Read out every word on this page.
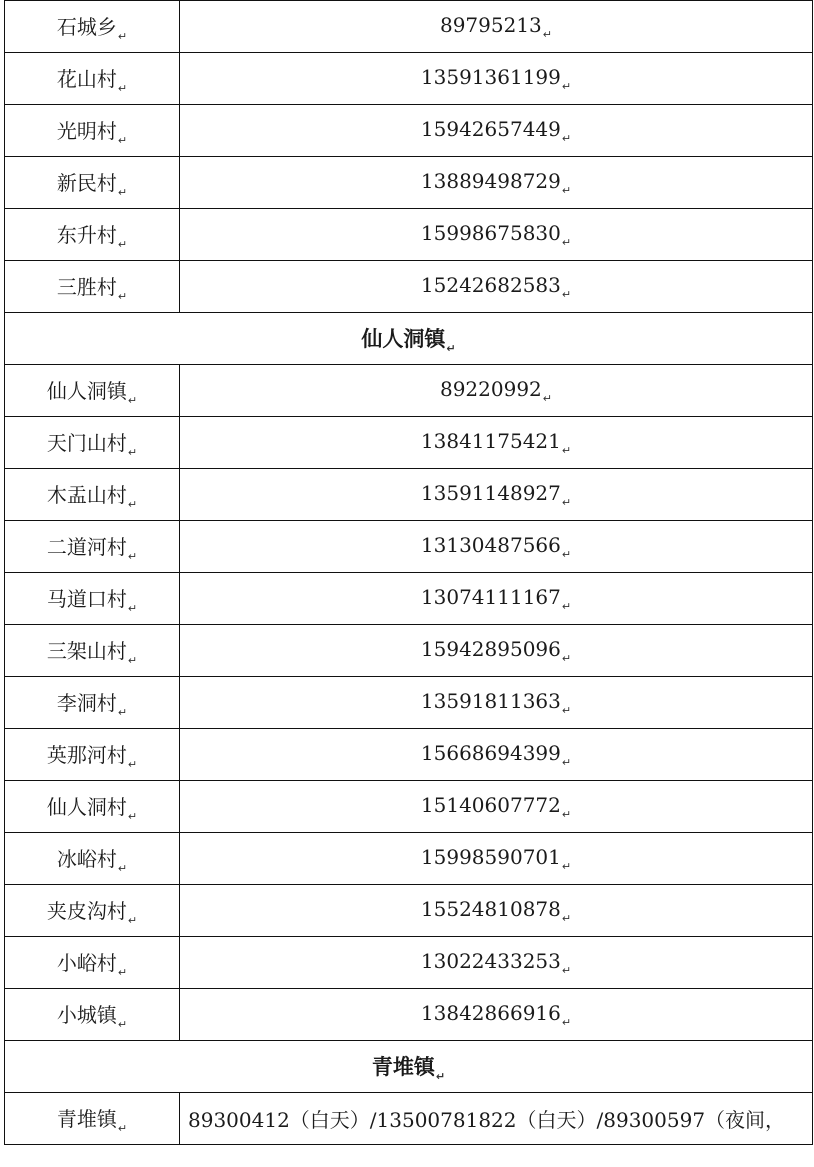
石城乡$_↵$	$89795213_↵$
花山村$_↵$	$13591361199_↵$
光明村$_↵$	$15942657449_↵$
新民村$_↵$	$13889498729_↵$
东升村$_↵$	$15998675830_↵$
三胜村$_↵$	$15242682583_↵$
仙人洞镇$_↵$
仙人洞镇$_↵$	$89220992_↵$
天门山村$_↵$	$13841175421_↵$
木盂山村$_↵$	$13591148927_↵$
二道河村$_↵$	$13130487566_↵$
马道口村$_↵$	$13074111167_↵$
三架山村$_↵$	$15942895096_↵$
李洞村$_↵$	$13591811363_↵$
英那河村$_↵$	$15668694399_↵$
仙人洞村$_↵$	$15140607772_↵$
冰峪村$_↵$	$15998590701_↵$
夹皮沟村$_↵$	$15524810878_↵$
小峪村$_↵$	$13022433253_↵$
小城镇$_↵$	$13842866916_↵$
青堆镇$_↵$
青堆镇$_↵$	89300412（白天）/13500781822（白天）/89300597（夜间，
